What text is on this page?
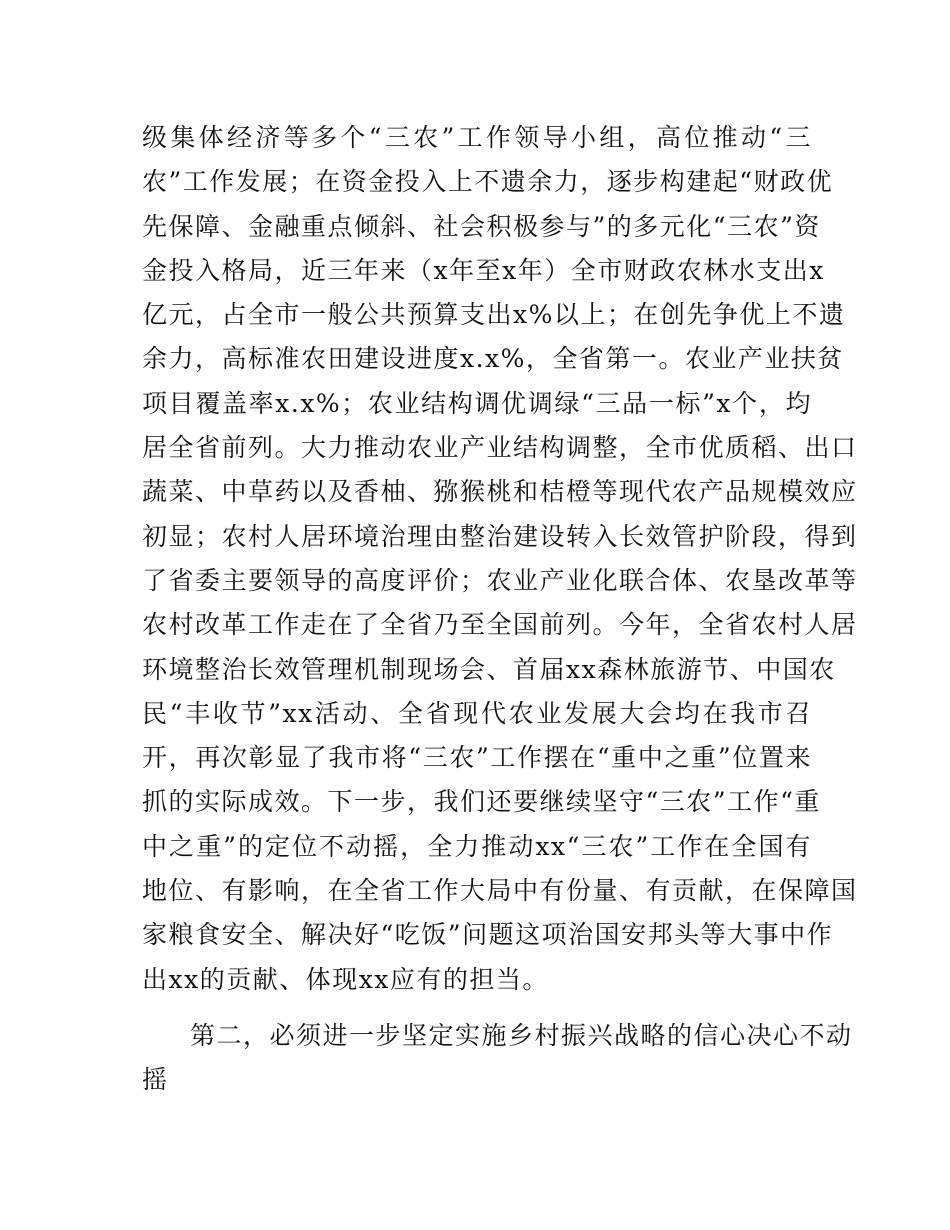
级集体经济等多个“三农”工作领导小组，高位推动“三
农”工作发展；在资金投入上不遗余力，逐步构建起“财政优
先保障、金融重点倾斜、社会积极参与”的多元化“三农”资
金投入格局，近三年来（x年至x年）全市财政农林水支出x
亿元，占全市一般公共预算支出x%以上；在创先争优上不遗
余力，高标准农田建设进度x.x%，全省第一。农业产业扶贫
项目覆盖率x.x%；农业结构调优调绿“三品一标”x个，均
居全省前列。大力推动农业产业结构调整，全市优质稻、出口
蔬菜、中草药以及香柚、猕猴桃和桔橙等现代农产品规模效应
初显；农村人居环境治理由整治建设转入长效管护阶段，得到
了省委主要领导的高度评价；农业产业化联合体、农垦改革等
农村改革工作走在了全省乃至全国前列。今年，全省农村人居
环境整治长效管理机制现场会、首届xx森林旅游节、中国农
民“丰收节”xx活动、全省现代农业发展大会均在我市召
开，再次彰显了我市将“三农”工作摆在“重中之重”位置来
抓的实际成效。下一步，我们还要继续坚守“三农”工作“重
中之重”的定位不动摇，全力推动xx“三农”工作在全国有
地位、有影响，在全省工作大局中有份量、有贡献，在保障国
家粮食安全、解决好“吃饭”问题这项治国安邦头等大事中作
出xx的贡献、体现xx应有的担当。
第二，必须进一步坚定实施乡村振兴战略的信心决心不动
摇
